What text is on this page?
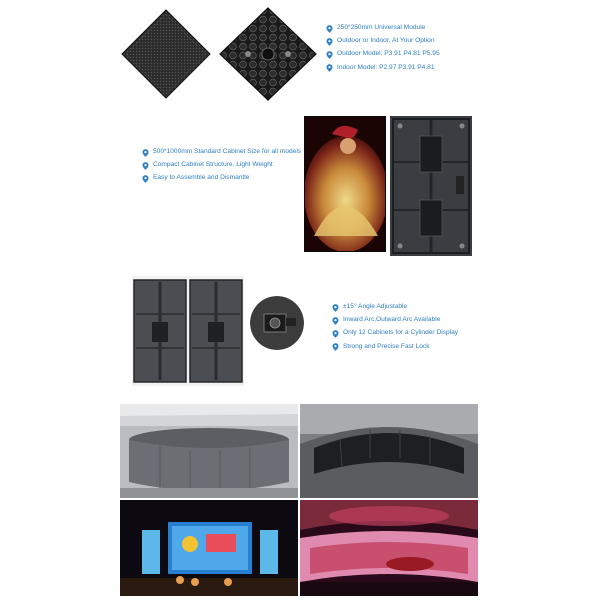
250*250mm Universal Module
Outdoor or Indoor, At Your Option
Outdoor Model: P3.91 P4.81 P5.95
Indoor Model: P2.97 P3.91 P4.81
500*1000mm Standard Cabinet Size for all models
Compact Cabinet Structure, Light Weight
Easy to Assemble and Dismantle
±15° Angle Adjustable
Inward Arc,Outward Arc Available
Only 12 Cabinets for a Cylinder Display
Strong and Precise Fast Lock
